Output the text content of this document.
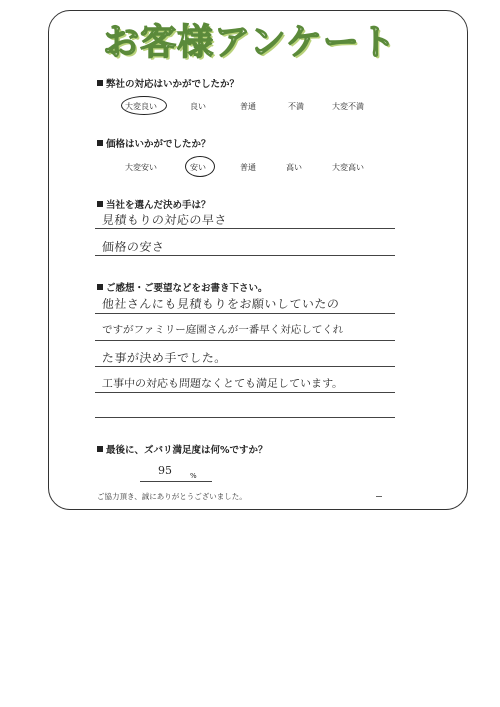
お客様アンケート
弊社の対応はいかがでしたか？
大変良い	良い	普通	不満	大変不満
価格はいかがでしたか？
大変安い	安い	普通	高い	大変高い
当社を選んだ決め手は？
見積もりの対応の早さ
価格の安さ
ご感想・ご要望などをお書き下さい。
他社さんにも見積もりをお願いしていたの
ですがファミリー庭園さんが一番早く対応してくれ
た事が決め手でした。
工事中の対応も問題なくとても満足しています。
最後に、ズバリ満足度は何%ですか？
95	%
ご協力頂き、誠にありがとうございました。
